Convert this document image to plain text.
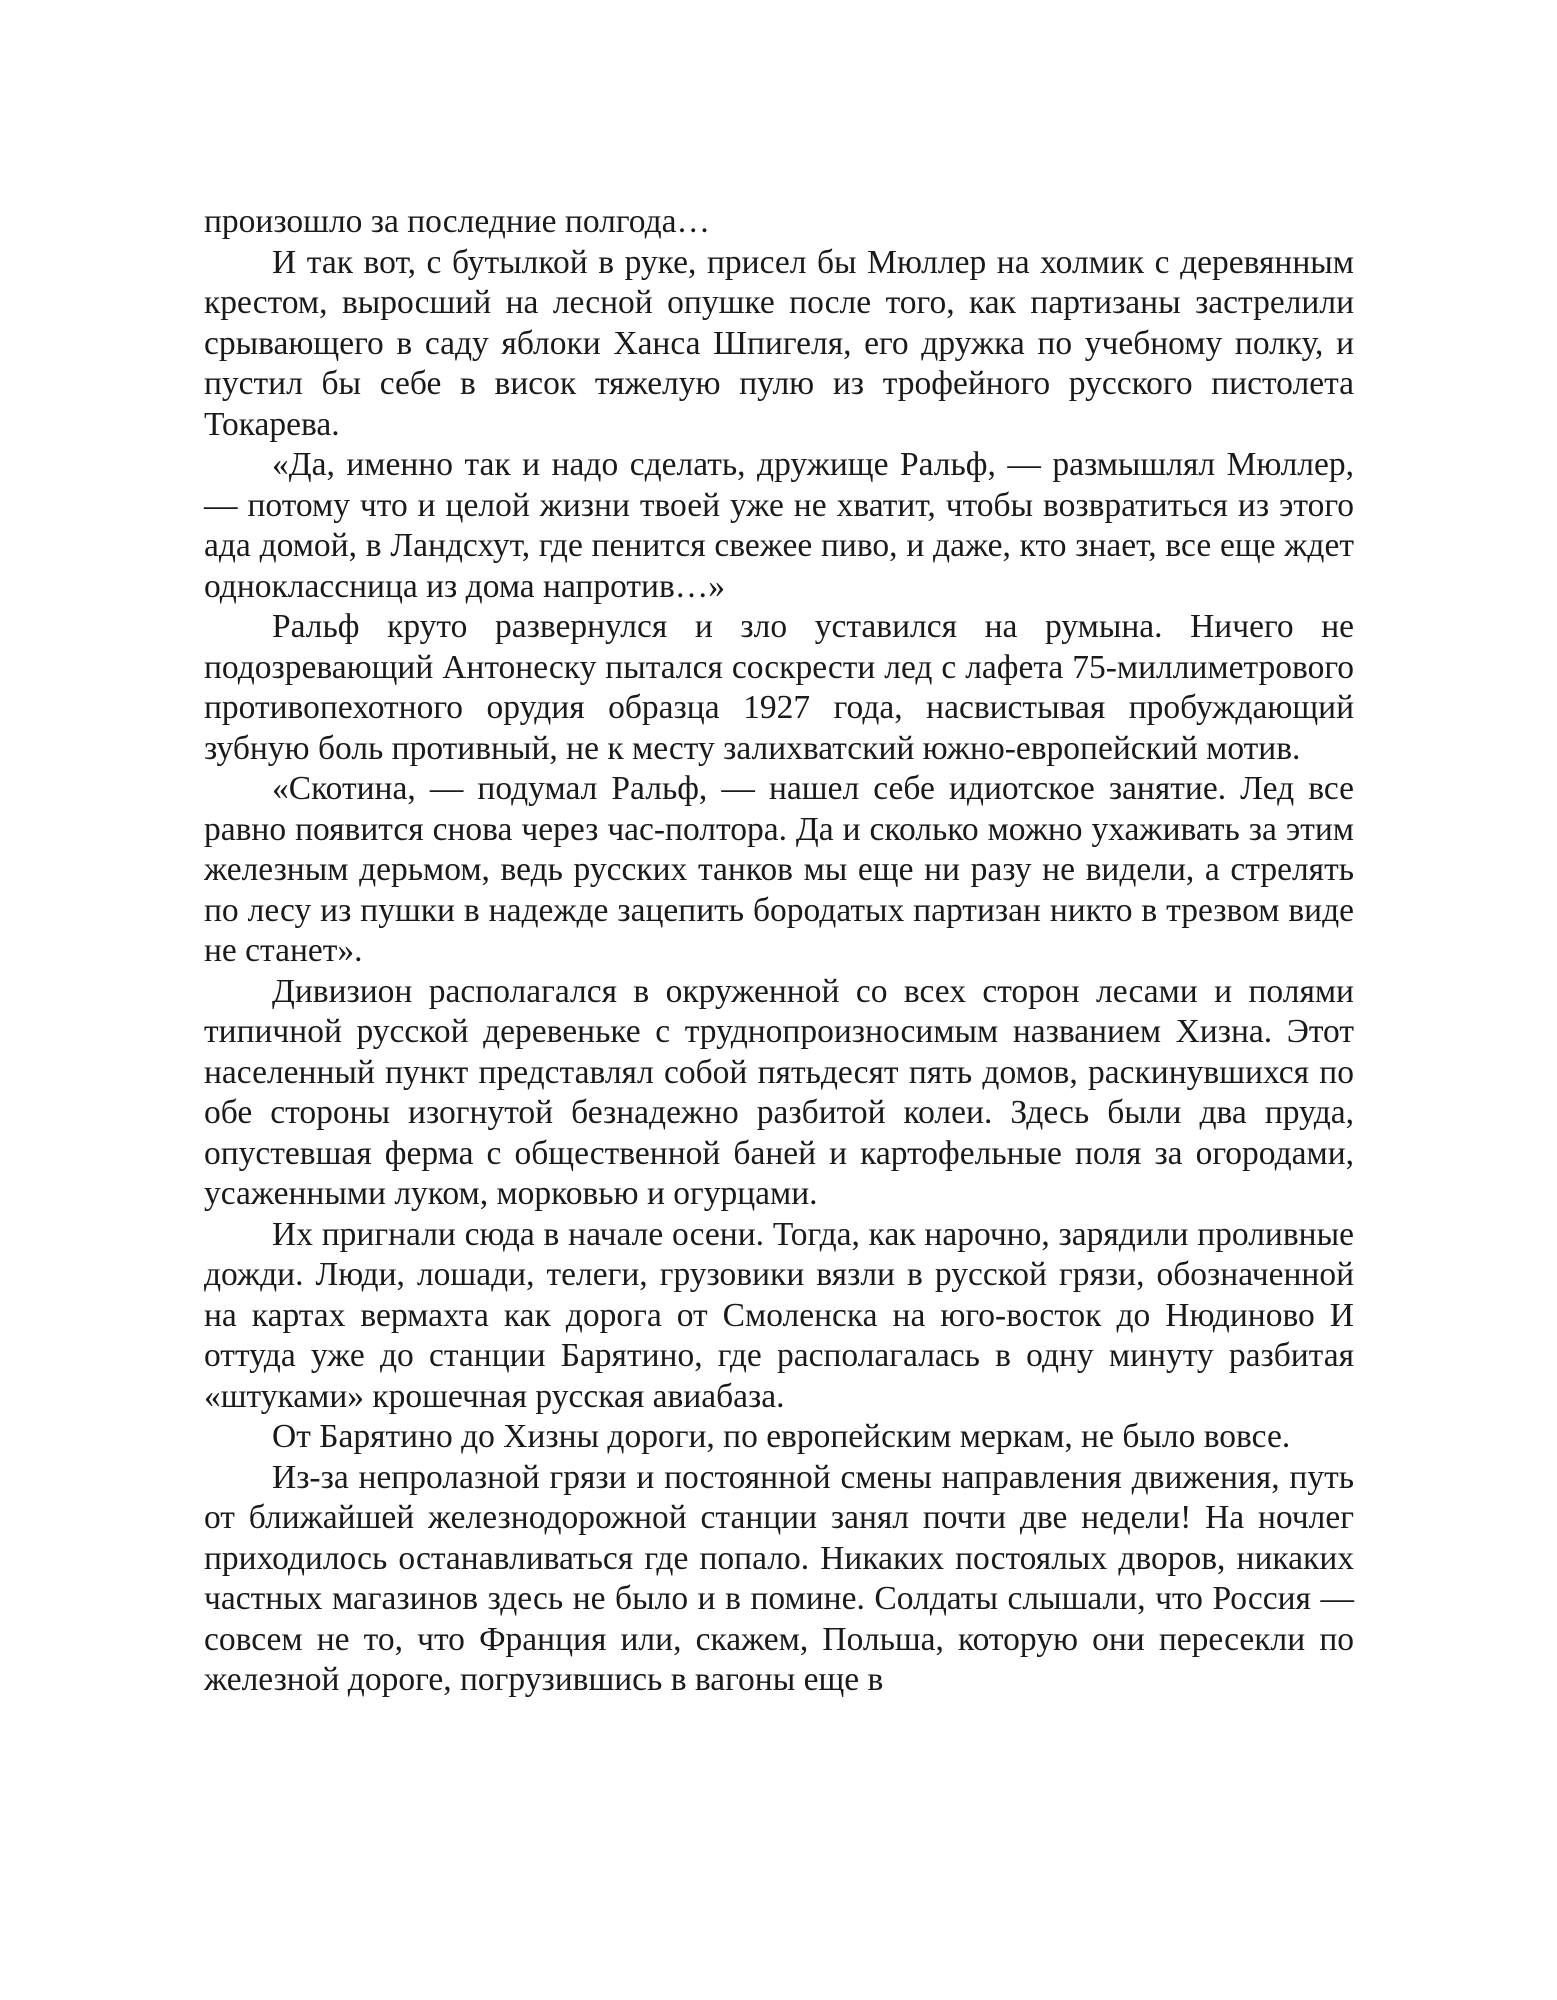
произошло за последние полгода…

И так вот, с бутылкой в руке, присел бы Мюллер на холмик с деревянным крестом, выросший на лесной опушке после того, как партизаны застрелили срывающего в саду яблоки Ханса Шпигеля, его дружка по учебному полку, и пустил бы себе в висок тяжелую пулю из трофейного русского пистолета Токарева.

«Да, именно так и надо сделать, дружище Ральф, — размышлял Мюллер, — потому что и целой жизни твоей уже не хватит, чтобы возвратиться из этого ада домой, в Ландсхут, где пенится свежее пиво, и даже, кто знает, все еще ждет одноклассница из дома напротив…»

Ральф круто развернулся и зло уставился на румына. Ничего не подозревающий Антонеску пытался соскрести лед с лафета 75-миллиметрового противопехотного орудия образца 1927 года, насвистывая пробуждающий зубную боль противный, не к месту залихватский южно-европейский мотив.

«Скотина, — подумал Ральф, — нашел себе идиотское занятие. Лед все равно появится снова через час-полтора. Да и сколько можно ухаживать за этим железным дерьмом, ведь русских танков мы еще ни разу не видели, а стрелять по лесу из пушки в надежде зацепить бородатых партизан никто в трезвом виде не станет».

Дивизион располагался в окруженной со всех сторон лесами и полями типичной русской деревеньке с труднопроизносимым названием Хизна. Этот населенный пункт представлял собой пятьдесят пять домов, раскинувшихся по обе стороны изогнутой безнадежно разбитой колеи. Здесь были два пруда, опустевшая ферма с общественной баней и картофельные поля за огородами, усаженными луком, морковью и огурцами.

Их пригнали сюда в начале осени. Тогда, как нарочно, зарядили проливные дожди. Люди, лошади, телеги, грузовики вязли в русской грязи, обозначенной на картах вермахта как дорога от Смоленска на юго-восток до Нюдиново И оттуда уже до станции Барятино, где располагалась в одну минуту разбитая «штуками» крошечная русская авиабаза.

От Барятино до Хизны дороги, по европейским меркам, не было вовсе.

Из-за непролазной грязи и постоянной смены направления движения, путь от ближайшей железнодорожной станции занял почти две недели! На ночлег приходилось останавливаться где попало. Никаких постоялых дворов, никаких частных магазинов здесь не было и в помине. Солдаты слышали, что Россия — совсем не то, что Франция или, скажем, Польша, которую они пересекли по железной дороге, погрузившись в вагоны еще в
